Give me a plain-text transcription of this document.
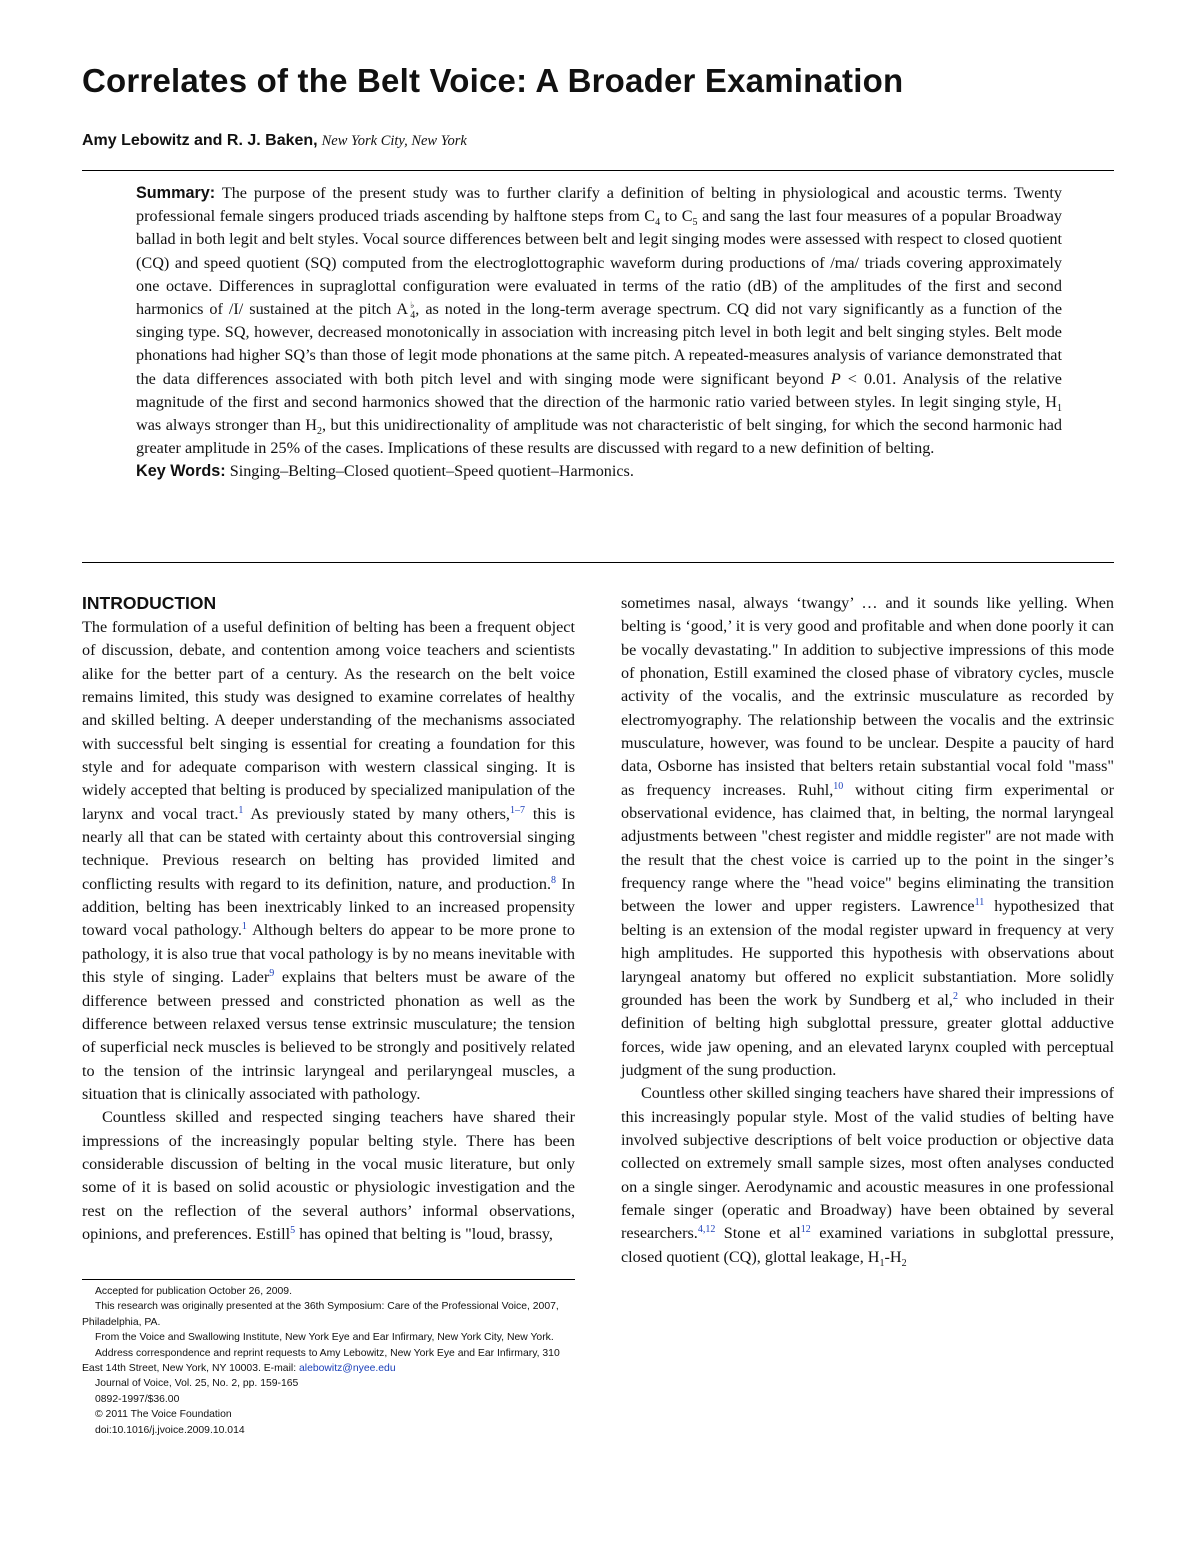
Correlates of the Belt Voice: A Broader Examination
Amy Lebowitz and R. J. Baken, New York City, New York

Summary: The purpose of the present study was to further clarify a definition of belting in physiological and acoustic terms. Twenty professional female singers produced triads ascending by halftone steps from $C_4$ to $C_5$ and sang the last four measures of a popular Broadway ballad in both legit and belt styles. Vocal source differences between belt and legit singing modes were assessed with respect to closed quotient (CQ) and speed quotient (SQ) computed from the electroglottographic waveform during productions of /ma/ triads covering approximately one octave. Differences in supraglottal configuration were evaluated in terms of the ratio (dB) of the amplitudes of the first and second harmonics of /I/ sustained at the pitch $A^♭_4$, as noted in the long-term average spectrum. CQ did not vary significantly as a function of the singing type. SQ, however, decreased monotonically in association with increasing pitch level in both legit and belt singing styles. Belt mode phonations had higher SQ’s than those of legit mode phonations at the same pitch. A repeated-measures analysis of variance demonstrated that the data differences associated with both pitch level and with singing mode were significant beyond P < 0.01. Analysis of the relative magnitude of the first and second harmonics showed that the direction of the harmonic ratio varied between styles. In legit singing style, $H_1$ was always stronger than $H_2$, but this unidirectionality of amplitude was not characteristic of belt singing, for which the second harmonic had greater amplitude in 25% of the cases. Implications of these results are discussed with regard to a new definition of belting.

Key Words: Singing–Belting–Closed quotient–Speed quotient–Harmonics.

INTRODUCTION

The formulation of a useful definition of belting has been a frequent object of discussion, debate, and contention among voice teachers and scientists alike for the better part of a century. As the research on the belt voice remains limited, this study was designed to examine correlates of healthy and skilled belting. A deeper understanding of the mechanisms associated with successful belt singing is essential for creating a foundation for this style and for adequate comparison with western classical singing. It is widely accepted that belting is produced by specialized manipulation of the larynx and vocal tract.$^1$ As previously stated by many others,$^{1-7}$ this is nearly all that can be stated with certainty about this controversial singing technique. Previous research on belting has provided limited and conflicting results with regard to its definition, nature, and production.$^8$ In addition, belting has been inextricably linked to an increased propensity toward vocal pathology.$^1$ Although belters do appear to be more prone to pathology, it is also true that vocal pathology is by no means inevitable with this style of singing. Lader$^9$ explains that belters must be aware of the difference between pressed and constricted phonation as well as the difference between relaxed versus tense extrinsic musculature; the tension of superficial neck muscles is believed to be strongly and positively related to the tension of the intrinsic laryngeal and perilaryngeal muscles, a situation that is clinically associated with pathology.

Countless skilled and respected singing teachers have shared their impressions of the increasingly popular belting style. There has been considerable discussion of belting in the vocal music literature, but only some of it is based on solid acoustic or physiologic investigation and the rest on the reflection of the several authors’ informal observations, opinions, and preferences. Estill$^5$ has opined that belting is "loud, brassy,

Accepted for publication October 26, 2009.

This research was originally presented at the 36th Symposium: Care of the Professional Voice, 2007, Philadelphia, PA.

From the Voice and Swallowing Institute, New York Eye and Ear Infirmary, New York City, New York.

Address correspondence and reprint requests to Amy Lebowitz, New York Eye and Ear Infirmary, 310 East 14th Street, New York, NY 10003. E-mail: alebowitz@nyee.edu

Journal of Voice, Vol. 25, No. 2, pp. 159-165

0892-1997/$36.00

© 2011 The Voice Foundation

doi:10.1016/j.jvoice.2009.10.014

sometimes nasal, always ‘twangy’ … and it sounds like yelling. When belting is ‘good,’ it is very good and profitable and when done poorly it can be vocally devastating." In addition to subjective impressions of this mode of phonation, Estill examined the closed phase of vibratory cycles, muscle activity of the vocalis, and the extrinsic musculature as recorded by electromyography. The relationship between the vocalis and the extrinsic musculature, however, was found to be unclear. Despite a paucity of hard data, Osborne has insisted that belters retain substantial vocal fold "mass" as frequency increases. Ruhl,$^{10}$ without citing firm experimental or observational evidence, has claimed that, in belting, the normal laryngeal adjustments between "chest register and middle register" are not made with the result that the chest voice is carried up to the point in the singer’s frequency range where the "head voice" begins eliminating the transition between the lower and upper registers. Lawrence$^{11}$ hypothesized that belting is an extension of the modal register upward in frequency at very high amplitudes. He supported this hypothesis with observations about laryngeal anatomy but offered no explicit substantiation. More solidly grounded has been the work by Sundberg et al,$^2$ who included in their definition of belting high subglottal pressure, greater glottal adductive forces, wide jaw opening, and an elevated larynx coupled with perceptual judgment of the sung production.

Countless other skilled singing teachers have shared their impressions of this increasingly popular style. Most of the valid studies of belting have involved subjective descriptions of belt voice production or objective data collected on extremely small sample sizes, most often analyses conducted on a single singer. Aerodynamic and acoustic measures in one professional female singer (operatic and Broadway) have been obtained by several researchers.$^{4,12}$ Stone et $al^{12}$ examined variations in subglottal pressure, closed quotient (CQ), glottal leakage, $H_1-H_2$
